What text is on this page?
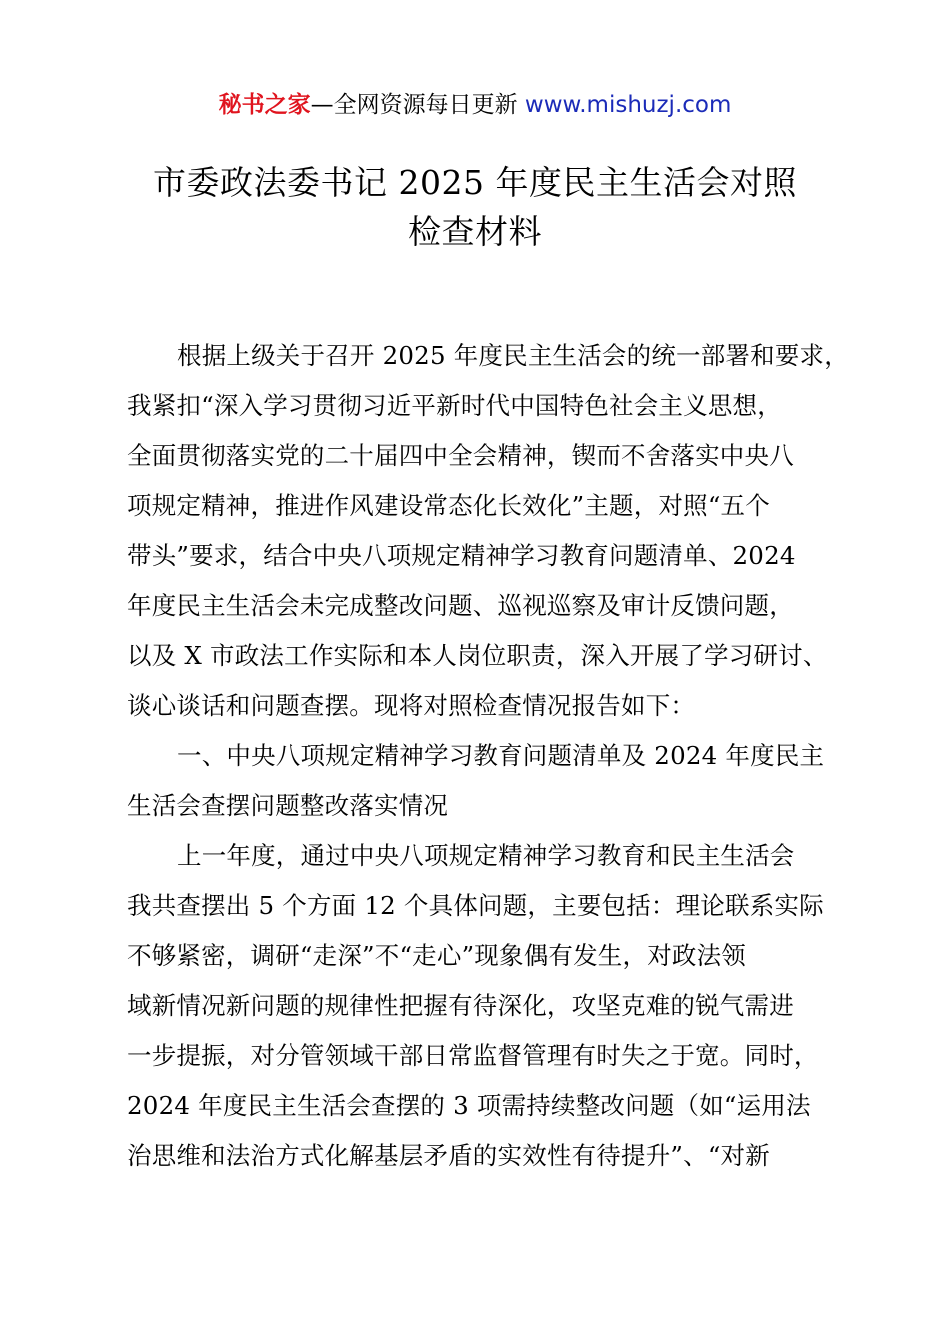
秘书之家—全网资源每日更新 www.mishuzj.com
市委政法委书记 2025 年度民主生活会对照
检查材料
根据上级关于召开 2025 年度民主生活会的统一部署和要求，
我紧扣“深入学习贯彻习近平新时代中国特色社会主义思想，
全面贯彻落实党的二十届四中全会精神，锲而不舍落实中央八
项规定精神，推进作风建设常态化长效化”主题，对照“五个
带头”要求，结合中央八项规定精神学习教育问题清单、2024
年度民主生活会未完成整改问题、巡视巡察及审计反馈问题，
以及 X 市政法工作实际和本人岗位职责，深入开展了学习研讨、
谈心谈话和问题查摆。现将对照检查情况报告如下：
一、中央八项规定精神学习教育问题清单及 2024 年度民主
生活会查摆问题整改落实情况
上一年度，通过中央八项规定精神学习教育和民主生活会
我共查摆出 5 个方面 12 个具体问题，主要包括：理论联系实际
不够紧密，调研“走深”不“走心”现象偶有发生，对政法领
域新情况新问题的规律性把握有待深化，攻坚克难的锐气需进
一步提振，对分管领域干部日常监督管理有时失之于宽。同时，
2024 年度民主生活会查摆的 3 项需持续整改问题（如“运用法
治思维和法治方式化解基层矛盾的实效性有待提升”、“对新
